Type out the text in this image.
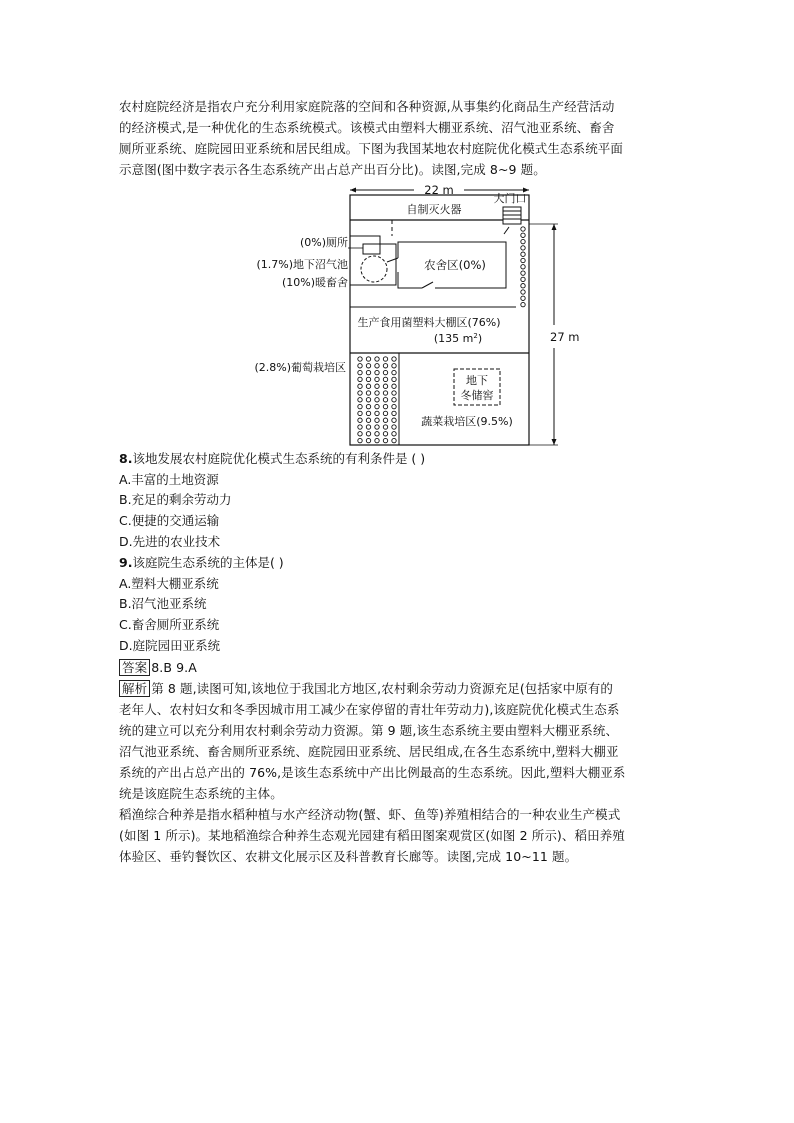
农村庭院经济是指农户充分利用家庭院落的空间和各种资源,从事集约化商品生产经营活动
的经济模式,是一种优化的生态系统模式。该模式由塑料大棚亚系统、沼气池亚系统、畜舍
厕所亚系统、庭院园田亚系统和居民组成。下图为我国某地农村庭院优化模式生态系统平面
示意图(图中数字表示各生态系统产出占总产出百分比)。读图,完成 8~9 题。
22 m
自制灭火器
大门口
农舍区(0%)
(0%)厕所
(1.7%)地下沼气池
(10%)暖畜舍
生产食用菌塑料大棚区(76%)
(135 $m^2$)
(2.8%)葡萄栽培区
地下
冬储窖
蔬菜栽培区(9.5%)
27 m
8.该地发展农村庭院优化模式生态系统的有利条件是 ( )
A.丰富的土地资源
B.充足的剩余劳动力
C.便捷的交通运输
D.先进的农业技术
9.该庭院生态系统的主体是( )
A.塑料大棚亚系统
B.沼气池亚系统
C.畜舍厕所亚系统
D.庭院园田亚系统
答案 8.B 9.A
解析 第 8 题,读图可知,该地位于我国北方地区,农村剩余劳动力资源充足(包括家中原有的
老年人、农村妇女和冬季因城市用工减少在家停留的青壮年劳动力),该庭院优化模式生态系
统的建立可以充分利用农村剩余劳动力资源。第 9 题,该生态系统主要由塑料大棚亚系统、
沼气池亚系统、畜舍厕所亚系统、庭院园田亚系统、居民组成,在各生态系统中,塑料大棚亚
系统的产出占总产出的 76%,是该生态系统中产出比例最高的生态系统。因此,塑料大棚亚系
统是该庭院生态系统的主体。
稻渔综合种养是指水稻种植与水产经济动物(蟹、虾、鱼等)养殖相结合的一种农业生产模式
(如图 1 所示)。某地稻渔综合种养生态观光园建有稻田图案观赏区(如图 2 所示)、稻田养殖
体验区、垂钓餐饮区、农耕文化展示区及科普教育长廊等。读图,完成 10~11 题。
